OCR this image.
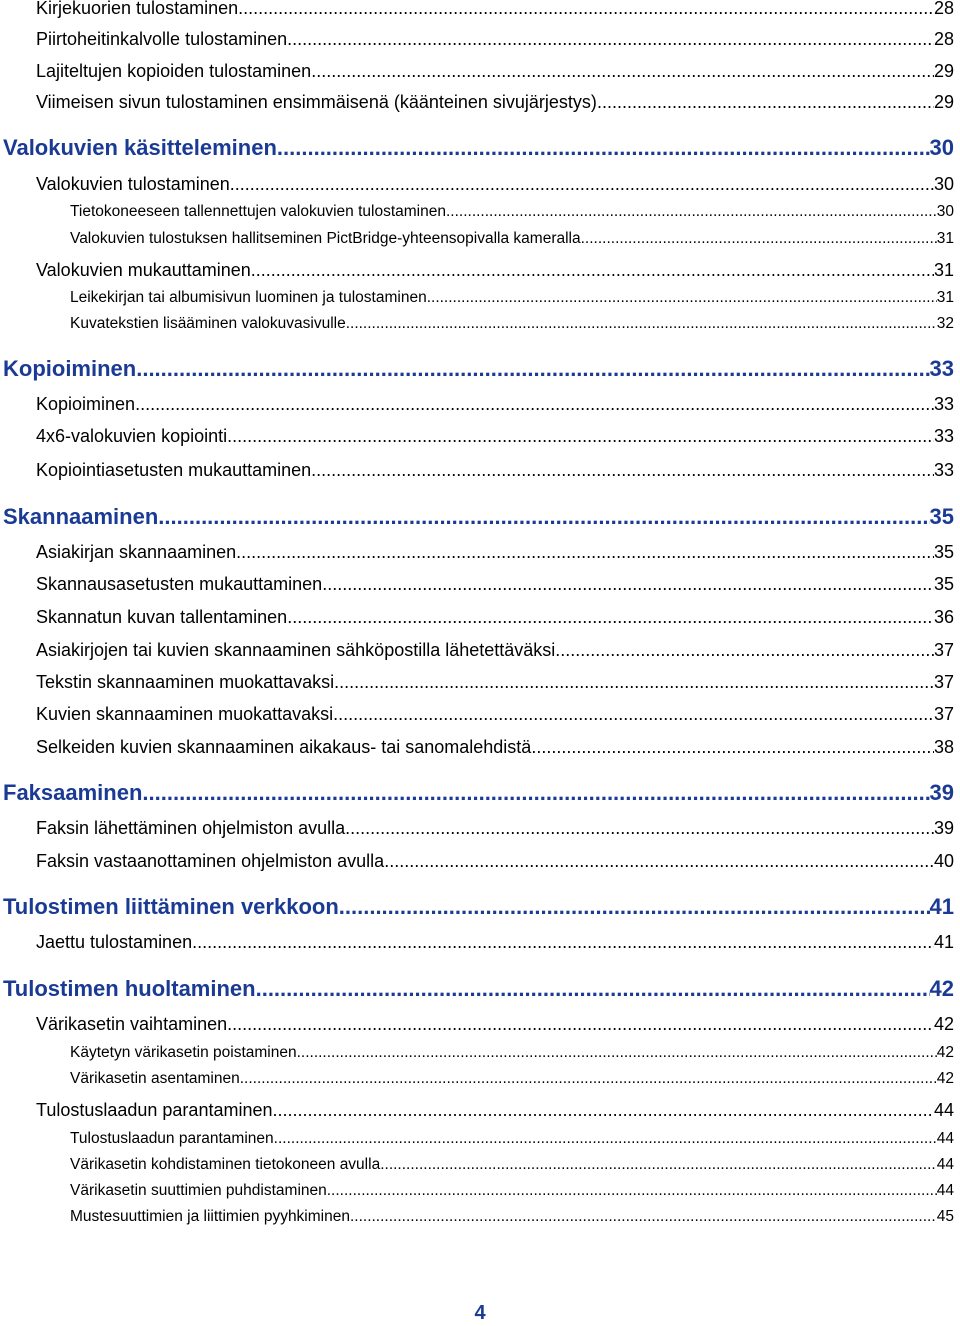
Kirjekuorien tulostaminen .....	28
Piirtoheitinkalvolle tulostaminen .....	28
Lajiteltujen kopioiden tulostaminen .....	29
Viimeisen sivun tulostaminen ensimmäisenä (käänteinen sivujärjestys) .....	29
Valokuvien käsitteleminen .....	30
Valokuvien tulostaminen .....	30
Tietokoneeseen tallennettujen valokuvien tulostaminen .....	30
Valokuvien tulostuksen hallitseminen PictBridge-yhteensopivalla kameralla .....	31
Valokuvien mukauttaminen .....	31
Leikekirjan tai albumisivun luominen ja tulostaminen .....	31
Kuvatekstien lisääminen valokuvasivulle .....	32
Kopioiminen .....	33
Kopioiminen .....	33
4x6-valokuvien kopiointi .....	33
Kopiointiasetusten mukauttaminen .....	33
Skannaaminen .....	35
Asiakirjan skannaaminen .....	35
Skannausasetusten mukauttaminen .....	35
Skannatun kuvan tallentaminen .....	36
Asiakirjojen tai kuvien skannaaminen sähköpostilla lähetettäväksi .....	37
Tekstin skannaaminen muokattavaksi .....	37
Kuvien skannaaminen muokattavaksi .....	37
Selkeiden kuvien skannaaminen aikakaus- tai sanomalehdistä .....	38
Faksaaminen .....	39
Faksin lähettäminen ohjelmiston avulla .....	39
Faksin vastaanottaminen ohjelmiston avulla .....	40
Tulostimen liittäminen verkkoon .....	41
Jaettu tulostaminen .....	41
Tulostimen huoltaminen .....	42
Värikasetin vaihtaminen .....	42
Käytetyn värikasetin poistaminen .....	42
Värikasetin asentaminen .....	42
Tulostuslaadun parantaminen .....	44
Tulostuslaadun parantaminen .....	44
Värikasetin kohdistaminen tietokoneen avulla .....	44
Värikasetin suuttimien puhdistaminen .....	44
Mustesuuttimien ja liittimien pyyhkiminen .....	45
4
